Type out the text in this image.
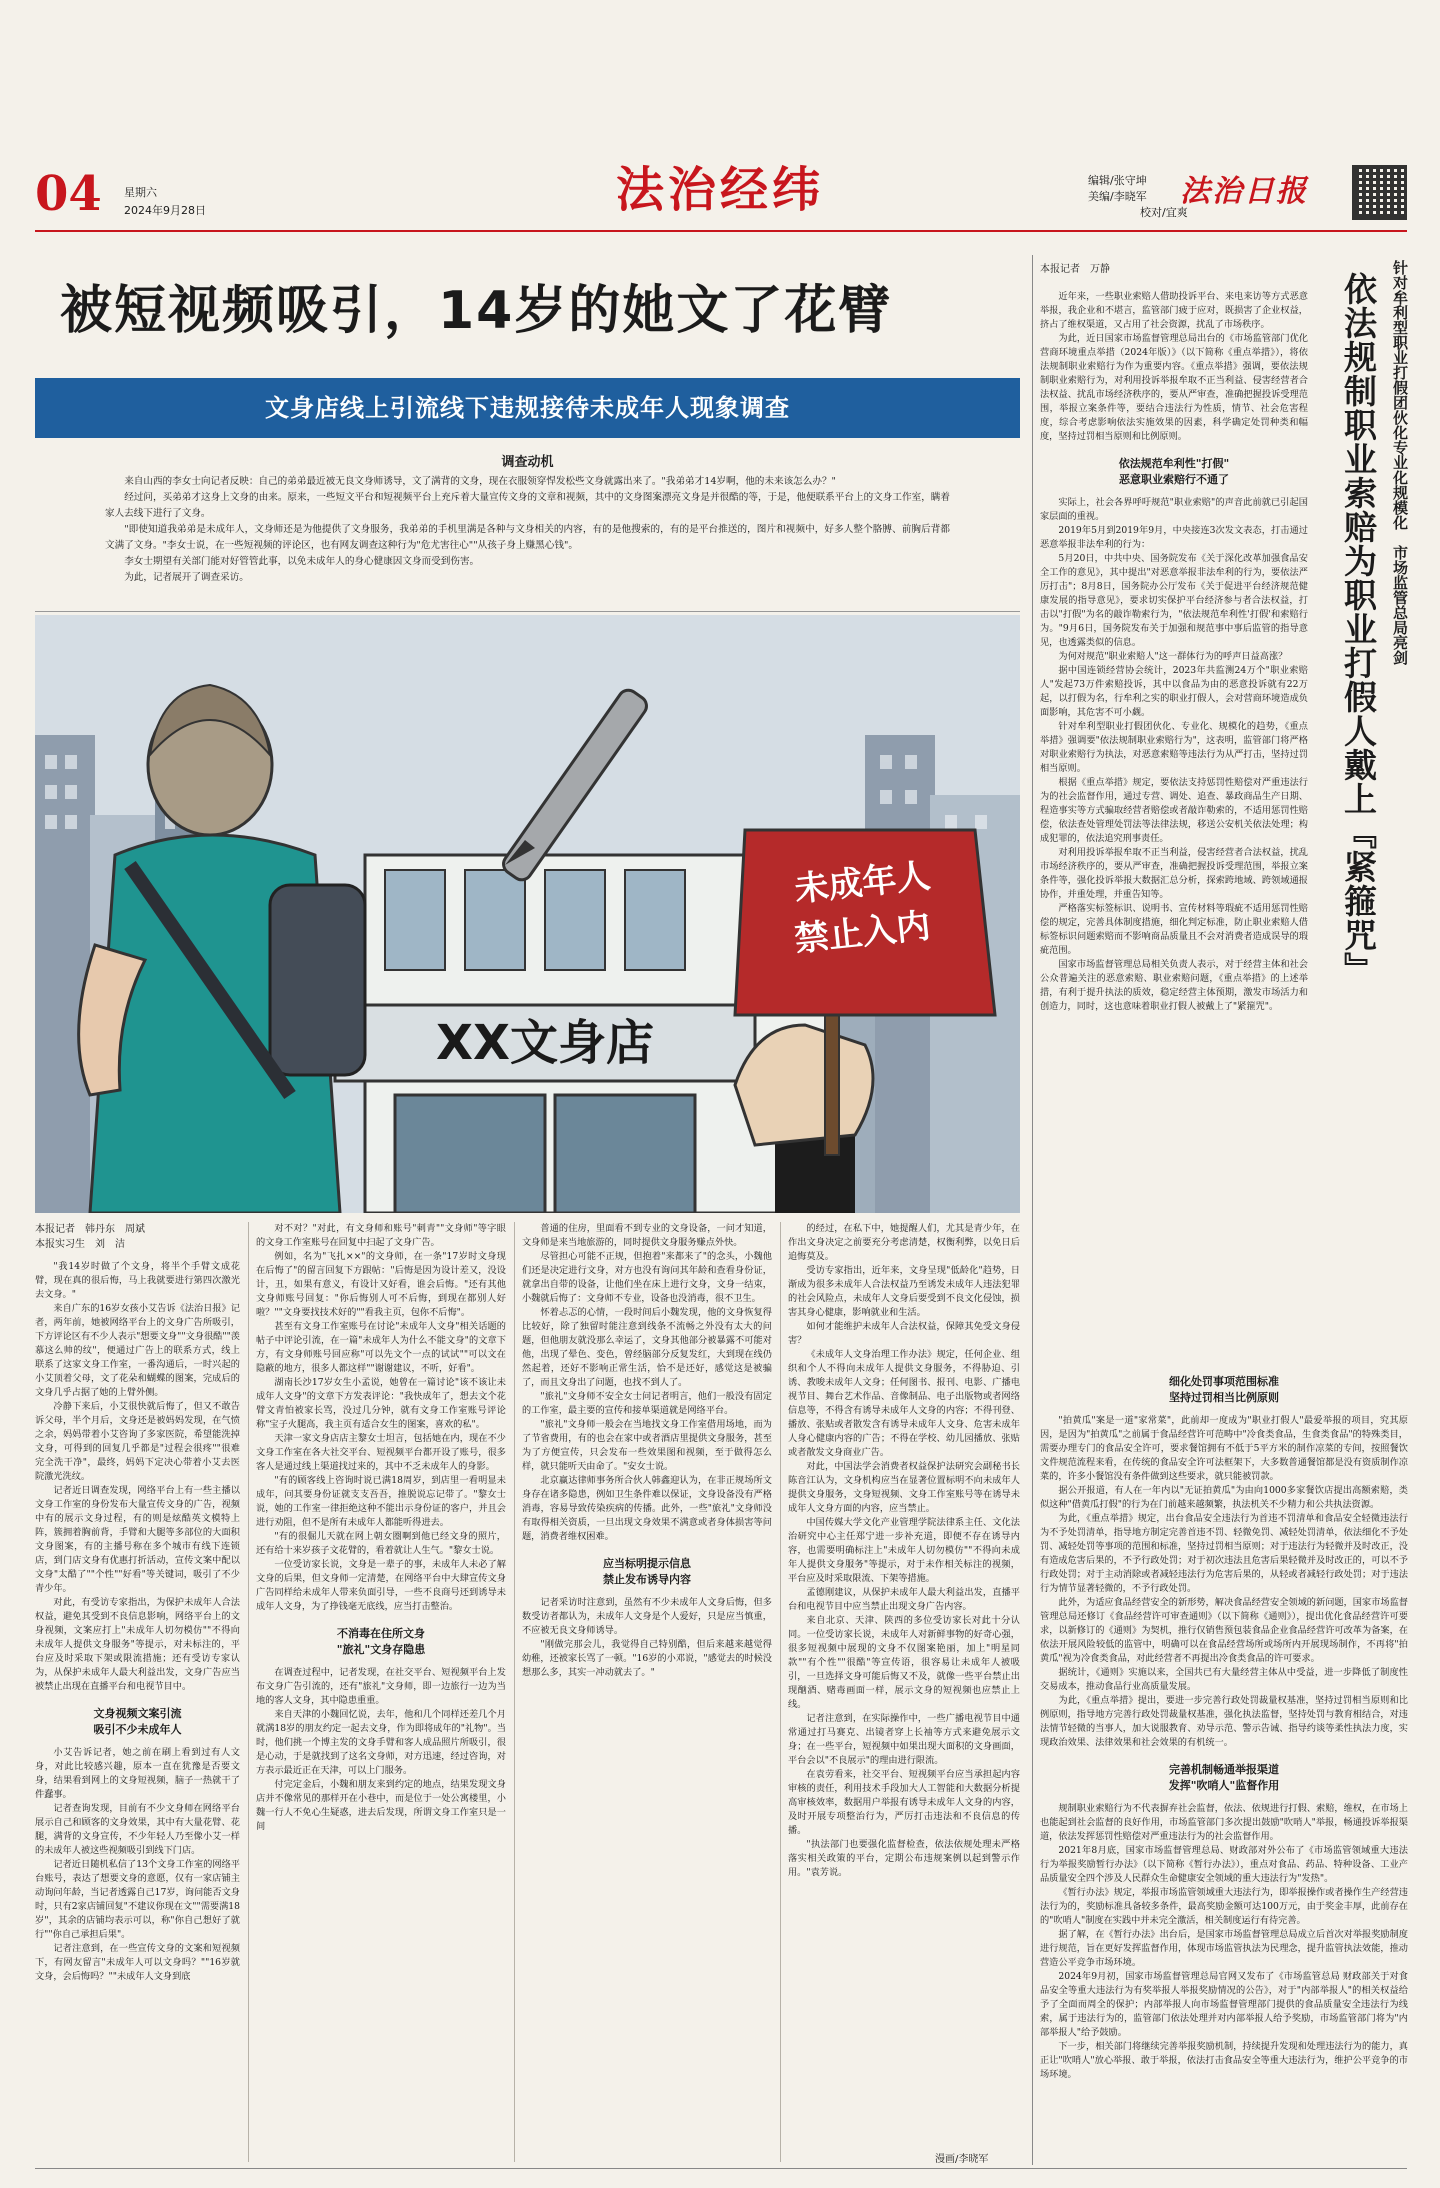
04 星期六
2024年9月28日	法治经纬	编辑/张守坤
美编/李晓军
校对/宜爽
法治日报
被短视频吸引，14岁的她文了花臂
文身店线上引流线下违规接待未成年人现象调查
调查动机

来自山西的李女士向记者反映：自己的弟弟最近被无良文身师诱导，文了满背的文身，现在衣服领穿悍发松些文身就露出来了。"我弟弟才14岁啊，他的未来该怎么办？"

经过问，买弟弟才这身上文身的由来。原来，一些短文平台和短视频平台上充斥着大量宣传文身的文章和视频，其中的文身图案漂亮文身是并很酷的等，于是，他便联系平台上的文身工作室，瞒着家人去线下进行了文身。

"即使知道我弟弟是未成年人，文身师还是为他提供了文身服务，我弟弟的手机里满是各种与文身相关的内容，有的是他搜索的，有的是平台推送的，图片和视频中，好多人整个胳膊、前胸后背都文满了文身。"李女士说，在一些短视频的评论区，也有网友调查这种行为"危尤害往心""从孩子身上赚黑心钱"。

李女士期望有关部门能对好管管此事，以免未成年人的身心健康因文身而受到伤害。

为此，记者展开了调查采访。

XX文身店
未成年人
禁止入内
本报记者　韩丹东　周斌
本报实习生　刘　洁

"我14岁时做了个文身，将半个手臂文成花臂，现在真的很后悔，马上我就要进行第四次激光去文身。"

来自广东的16岁女孩小艾告诉《法治日报》记者，两年前，她被网络平台上的文身广告所吸引，下方评论区有不少人表示"想要文身""文身很酷""羡慕这么帅的纹"，便通过广告上的联系方式，线上联系了这家文身工作室，一番沟通后，一时兴起的小艾顶着父母，文了花朵和蝴蝶的图案，完成后的文身几乎占据了她的上臂外侧。

冷静下来后，小艾很快就后悔了，但又不敢告诉父母，半个月后，文身还是被妈妈发现，在气愤之余，妈妈带着小艾咨询了多家医院，希望能洗掉文身，可得到的回复几乎都是"过程会很疼""很难完全洗干净"，最终，妈妈下定决心带着小艾去医院激光洗纹。

记者近日调查发现，网络平台上有一些主播以文身工作室的身份发布大量宣传文身的广告，视频中有的展示文身过程，有的则是炫酷英文模特上阵，簇拥着胸前背，手臂和大腿等多部位的大面积文身图案，有的主播号称在多个城市有线下连锁店，到门店文身有优惠打折活动，宣传文案中配以文身"太酷了""个性""好看"等关键词，吸引了不少青少年。

对此，有受访专家指出，为保护未成年人合法权益，避免其受到不良信息影响，网络平台上的文身视频，文案应打上"未成年人切勿模仿""不得向未成年人提供文身服务"等提示，对未标注的，平台应及时采取下架或限流措施；还有受访专家认为，从保护未成年人最大利益出发，文身广告应当被禁止出现在直播平台和电视节目中。

文身视频文案引流
吸引不少未成年人

小艾告诉记者，她之前在刷上看到过有人文身，对此比较感兴趣，原本一直在犹豫是否要文身，结果看到网上的文身短视频，脑子一热就干了件蠢事。

记者查询发现，目前有不少文身师在网络平台展示自己和顾客的文身效果，其中有大量花臂、花腿，满背的文身宣传，不少年轻人乃至像小艾一样的未成年人被这些视频吸引到线下门店。

记者近日随机私信了13个文身工作室的网络平台账号，表达了想要文身的意愿，仅有一家店铺主动询问年龄，当记者透露自己17岁，询问能否文身时，只有2家店铺回复"不建议你现在文""需要满18岁"，其余的店铺均表示可以，称"你自己想好了就行""你自己承担后果"。

记者注意到，在一些宣传文身的文案和短视频下，有网友留言"未成年人可以文身吗？""16岁就文身，会后悔吗？""未成年人文身到底

对不对？"对此，有文身师和账号"刺青""文身师"等字眼的文身工作室账号在回复中扫起了文身广告。

例如，名为"飞扎××"的文身师，在一条"17岁时文身现在后悔了"的留言回复下方跟帖："后悔是因为设计差又，没设计，丑，如果有意义，有设计又好看，谁会后悔。"还有其他文身师账号回复："你后悔别人可不后悔，到现在都别人好啦？""文身要找技术好的""看我主页，包你不后悔"。

甚至有文身工作室账号在讨论"未成年人文身"相关话题的帖子中评论引流，在一篇"未成年人为什么不能文身"的文章下方，有文身师账号回应称"可以先文个一点的试试""可以文在隐蔽的地方，很多人都这样""谢谢建议，不听，好看"。

湖南长沙17岁女生小孟说，她曾在一篇讨论"该不该让未成年人文身"的文章下方发表评论："我快成年了，想去文个花臂文青怕被家长骂，没过几分钟，就有文身工作室账号评论称"宝子火腿高，我主页有适合女生的图案，喜欢的私"。

天津一家文身店店主黎女士坦言，包括她在内，现在不少文身工作室在各大社交平台、短视频平台都开设了账号，很多客人是通过线上渠道找过来的，其中不乏未成年人的身影。

"有的顾客线上咨询时说已满18周岁，到店里一看明显未成年，问其要身份证就支支吾吾，推脱说忘记带了。"黎女士说，她的工作室一律拒绝这种不能出示身份证的客户，并且会进行劝阻，但不是所有未成年人都能听得进去。

"有的很倔儿天就在网上朝女圈啊到他已经文身的照片，还有给十来岁孩子文花臂的，看着就让人生气。"黎女士说。

一位受访家长说，文身是一辈子的事，未成年人未必了解文身的后果，但文身师一定清楚，在网络平台中大肆宣传文身广告同样给未成年人带来负面引导，一些不良商号还到诱导未成年人文身，为了挣钱毫无底线，应当打击整治。

不消毒在住所文身
"旅礼"文身存隐患

在调查过程中，记者发现，在社交平台、短视频平台上发布文身广告引流的，还有"旅礼"文身师，即一边旅行一边为当地的客人文身，其中隐患重重。

来自天津的小魏回忆说，去年，他和几个同样还差几个月就满18岁的朋友约定一起去文身，作为即将成年的"礼物"。当时，他们挑一个博主发的文身手臂和客人成品照片所吸引，很是心动，于是就找到了这名文身师，对方迅速，经过咨询，对方表示最近正在天津，可以上门服务。

付完定金后，小魏和朋友来到约定的地点，结果发现文身店并不像常见的那样开在小巷中，而是位于一处公寓楼里，小魏一行人不免心生疑惑，进去后发现，所谓文身工作室只是一间

普通的住房，里面看不到专业的文身设备，一问才知道，文身师是来当地旅游的，同时提供文身服务赚点外快。

尽管担心可能不正规，但抱着"来都来了"的念头，小魏他们还是决定进行文身，对方也没有询问其年龄和查看身份证，就拿出自带的设备，让他们坐在床上进行文身，文身一结束，小魏就后悔了：文身师不专业，设备也没消毒，很不卫生。

怀着忐忑的心情，一段时间后小魏发现，他的文身恢复得比较好，除了独留时能注意到线条不流畅之外没有太大的问题，但他朋友就没那么幸运了，文身其他部分被暴露不可能对他，出现了晕色、变色，曾经脑部分反复发红，大到现在线仍然起着，还好不影响正常生活，恰不是还好，感觉这是被骗了，而且文身出了问题，也找不到人了。

"旅礼"文身师不安全女士问记者明言，他们一般没有固定的工作室，最主要的宣传和接单渠道就是网络平台。

"旅礼"文身师一般会在当地找文身工作室借用场地，而为了节省费用，有的也会在家中或者酒店里提供文身服务，甚至为了方便宣传，只会发布一些效果图和视频，至于做得怎么样，就只能听天由命了。"安女士说。

北京赢达律师事务所合伙人韩鑫迎认为，在非正规场所文身存在诸多隐患，例如卫生条件难以保证，文身设备没有严格消毒，容易导致传染疾病的传播。此外，一些"旅礼"文身师没有取得相关资质，一旦出现文身效果不满意或者身体损害等问题，消费者维权困难。

应当标明提示信息
禁止发布诱导内容

记者采访时注意到，虽然有不少未成年人文身后悔，但多数受访者都认为，未成年人文身是个人爱好，只是应当慎重，不应被无良文身师诱导。

"刚做完那会儿，我觉得自己特别酷，但后来越来越觉得幼稚，还被家长骂了一顿。"16岁的小邓说，"感觉去的时候没想那么多，其实一冲动就去了。"

的经过，在私下中，她提醒人们，尤其是青少年，在作出文身决定之前要充分考虑清楚，权衡利弊，以免日后追悔莫及。

受访专家指出，近年来，文身呈现"低龄化"趋势，日渐成为很多未成年人合法权益乃至诱发未成年人违法犯罪的社会风险点，未成年人文身后要受到不良文化侵蚀，损害其身心健康，影响就业和生活。

如何才能维护未成年人合法权益，保障其免受文身侵害？

《未成年人文身治理工作办法》规定，任何企业、组织和个人不得向未成年人提供文身服务，不得胁迫、引诱、教唆未成年人文身；任何图书、报刊、电影、广播电视节目、舞台艺术作品、音像制品、电子出版物或者网络信息等，不得含有诱导未成年人文身的内容；不得刊登、播放、张贴或者散发含有诱导未成年人文身、危害未成年人身心健康内容的广告；不得在学校、幼儿园播放、张贴或者散发文身商业广告。

对此，中国法学会消费者权益保护法研究会副秘书长陈音江认为，文身机构应当在显著位置标明不向未成年人提供文身服务，文身短视频、文身工作室账号等在诱导未成年人文身方面的内容，应当禁止。

中国传媒大学文化产业管理学院法律系主任、文化法治研究中心主任郑宁进一步补充道，即便不存在诱导内容，也需要明确标注上"未成年人切勿模仿""不得向未成年人提供文身服务"等提示，对于未作相关标注的视频，平台应及时采取限流、下架等措施。

孟德刚建议，从保护未成年人最大利益出发，直播平台和电视节目中应当禁止出现文身广告内容。

来自北京、天津、陕西的多位受访家长对此十分认同。一位受访家长说，未成年人对新鲜事物的好奇心强，很多短视频中展现的文身不仅图案艳丽，加上"明星同款""有个性""很酷"等宣传语，很容易让未成年人被吸引，一旦选择文身可能后悔又不及，就像一些平台禁止出现酗酒、赌毒画面一样，展示文身的短视频也应禁止上线。

记者注意到，在实际操作中，一些广播电视节目中通常通过打马赛克、出镜者穿上长袖等方式来避免展示文身；在一些平台，短视频中如果出现大面积的文身画面，平台会以"不良展示"的理由进行限流。

在袁劳看来，社交平台、短视频平台应当承担起内容审核的责任，利用技术手段加大人工智能和大数据分析提高审核效率，数据用户举报有诱导未成年人文身的内容，及时开展专项整治行为，严厉打击违法和不良信息的传播。

"执法部门也要强化监督检查，依法依规处理未严格落实相关政策的平台，定期公布违规案例以起到警示作用。"袁芳说。

漫画/李晓军
本报记者　万静	针对牟利型职业打假团伙化专业化规模化　市场监管总局亮剑
依法规制职业索赔为职业打假人戴上『紧箍咒』

近年来，一些职业索赔人借助投诉平台、来电来访等方式恶意举报，我企业和不堪言，监管部门疲于应对，既损害了企业权益，挤占了维权渠道，又占用了社会资源，扰乱了市场秩序。

为此，近日国家市场监督管理总局出台的《市场监管部门优化营商环境重点举措（2024年版）》（以下简称《重点举措》），将依法规制职业索赔行为作为重要内容。《重点举措》强调，要依法规制职业索赔行为，对利用投诉举报牟取不正当利益、侵害经营者合法权益、扰乱市场经济秩序的，要从严审查，准确把握投诉受理范围，举报立案条件等，要结合违法行为性质，情节、社会危害程度，综合考虑影响依法实施效果的因素，科学确定处罚种类和幅度，坚持过罚相当原则和比例原则。

依法规范牟利性"打假"
恶意职业索赔行不通了

实际上，社会各界呼吁规范"职业索赔"的声音此前就已引起国家层面的重视。

2019年5月到2019年9月，中央接连3次发文表态，打击通过恶意举报非法牟利的行为：

5月20日，中共中央、国务院发布《关于深化改革加强食品安全工作的意见》，其中提出"对恶意举报非法牟利的行为，要依法严厉打击"；8月8日，国务院办公厅发布《关于促进平台经济规范健康发展的指导意见》，要求切实保护平台经济参与者合法权益，打击以"打假"为名的敲诈勒索行为，"依法规范牟利性'打假'和索赔行为。"9月6日，国务院发布关于加强和规范事中事后监管的指导意见，也透露类似的信息。

为何对规范"职业索赔人"这一群体行为的呼声日益高涨？

据中国连锁经营协会统计，2023年共监测24万个"职业索赔人"发起73万件索赔投诉，其中以食品为由的恶意投诉就有22万起，以打假为名，行牟利之实的职业打假人，会对营商环境造成负面影响，其危害不可小觑。

针对牟利型职业打假团伙化、专业化、规模化的趋势，《重点举措》强调要"依法规制职业索赔行为"，这表明，监管部门将严格对职业索赔行为执法，对恶意索赔等违法行为从严打击，坚持过罚相当原则。

根据《重点举措》规定，要依法支持惩罚性赔偿对严重违法行为的社会监督作用，通过专营、调处、追查、暴政商品生产日期、程造事实等方式骗取经营者赔偿或者敲诈勒索的，不适用惩罚性赔偿，依法查处管理处罚法等法律法规，移送公安机关依法处理；构成犯罪的，依法追究刑事责任。

对利用投诉举报牟取不正当利益，侵害经营者合法权益，扰乱市场经济秩序的，要从严审查，准确把握投诉受理范围，举报立案条件等，强化投诉举报大数据汇总分析，探索跨地域、跨领域通报协作，并重处理，并重告知等。

严格落实标签标识、说明书、宣传材料等瑕疵不适用惩罚性赔偿的规定，完善具体制度措施，细化判定标准，防止职业索赔人借标签标识问题索赔而不影响商品质量且不会对消费者造成误导的瑕疵范围。

国家市场监督管理总局相关负责人表示，对于经营主体和社会公众普遍关注的恶意索赔、职业索赔问题，《重点举措》的上述举措，有利于提升执法的质效，稳定经营主体预期，激发市场活力和创造力，同时，这也意味着职业打假人被戴上了"紧箍咒"。

细化处罚事项范围标准
坚持过罚相当比例原则

"拍黄瓜"案是一道"家常菜"，此前却一度成为"职业打假人"最爱举报的项目，究其原因，是因为"拍黄瓜"之前属于食品经营许可范畴中"冷食类食品，生食类食品"的特殊类目，需要办理专门的食品安全许可，要求餐馆拥有不低于5平方米的制作凉菜的专间，按照餐饮文件规范流程来看，在传统的食品安全许可法框架下，大多数普通餐馆都是没有资质制作凉菜的，许多小餐馆没有条件做到这些要求，就只能被罚款。

据公开报道，有人在一年内以"无证拍黄瓜"为由向1000多家餐饮店提出高额索赔，类似这种"借黄瓜打假"的行为在门前越来越频繁，执法机关不少精力和公共执法资源。

为此，《重点举措》规定，出台食品安全违法行为首违不罚清单和食品安全轻微违法行为不予处罚清单，指导地方制定完善首违不罚、轻微免罚、减轻处罚清单，依法细化不予处罚、减轻处罚等事项的范围和标准，坚持过罚相当原则；对于违法行为轻微并及时改正，没有造成危害后果的，不予行政处罚；对于初次违法且危害后果轻微并及时改正的，可以不予行政处罚；对于主动消除或者减轻违法行为危害后果的，从轻或者减轻行政处罚；对于违法行为情节显著轻微的，不予行政处罚。

此外，为适应食品经营安全的新形势，解决食品经营安全领域的新问题，国家市场监督管理总局还修订《食品经营许可审查通则》（以下简称《通则》），提出优化食品经营许可要求，以新修订的《通则》为契机，推行仅销售预包装食品企业食品经营许可改革为备案，在依法开展风险较低的监管中，明确可以在食品经营场所或场所内开展现场制作，不再将"拍黄瓜"视为冷食类食品，对此经营者不再提出冷食类食品的许可要求。

据统计，《通则》实施以来，全国共已有大量经营主体从中受益，进一步降低了制度性交易成本，推动食品行业高质量发展。

为此，《重点举措》提出，要进一步完善行政处罚裁量权基准，坚持过罚相当原则和比例原则，指导地方完善行政处罚裁量权基准，强化执法监督，坚持处罚与教育相结合，对违法情节轻微的当事人，加大说服教育、劝导示范、警示告诫、指导约谈等柔性执法力度，实现政治效果、法律效果和社会效果的有机统一。

完善机制畅通举报渠道
发挥"吹哨人"监督作用

规制职业索赔行为不代表摒弃社会监督，依法、依规进行打假、索赔，维权，在市场上也能起到社会监督的良好作用，市场监管部门多次提出鼓励"吹哨人"举报，畅通投诉举报渠道，依法发挥惩罚性赔偿对严重违法行为的社会监督作用。

2021年8月底，国家市场监督管理总局、财政部对外公布了《市场监管领域重大违法行为举报奖励暂行办法》（以下简称《暂行办法》），重点对食品、药品、特种设备、工业产品质量安全四个涉及人民群众生命健康安全领域的重大违法行为"发热"。

《暂行办法》规定，举报市场监管领域重大违法行为，即举报操作或者操作生产经营违法行为的，奖励标准具备较多条件，最高奖励金额可达100万元，由于奖金丰厚，此前存在的"吹哨人"制度在实践中并未完全激活，相关制度运行有待完善。

据了解，在《暂行办法》出台后，是国家市场监督管理总局成立后首次对举报奖励制度进行规范，旨在更好发挥监督作用，体现市场监管执法为民理念，提升监管执法效能，推动营造公平竞争市场环境。

2024年9月初，国家市场监督管理总局官网又发布了《市场监管总局 财政部关于对食品安全等重大违法行为有奖举报人举报奖励情况的公告》，对于"内部举报人"的相关权益给予了全面而周全的保护；内部举报人向市场监督管理部门提供的食品质量安全违法行为线索，属于违法行为的，监管部门依法处理并对内部举报人给予奖励，市场监管部门将为"内部举报人"给予鼓励。

下一步，相关部门将继续完善举报奖励机制，持续提升发现和处理违法行为的能力，真正让"吹哨人"放心举报、敢于举报，依法打击食品安全等重大违法行为，维护公平竞争的市场环境。
